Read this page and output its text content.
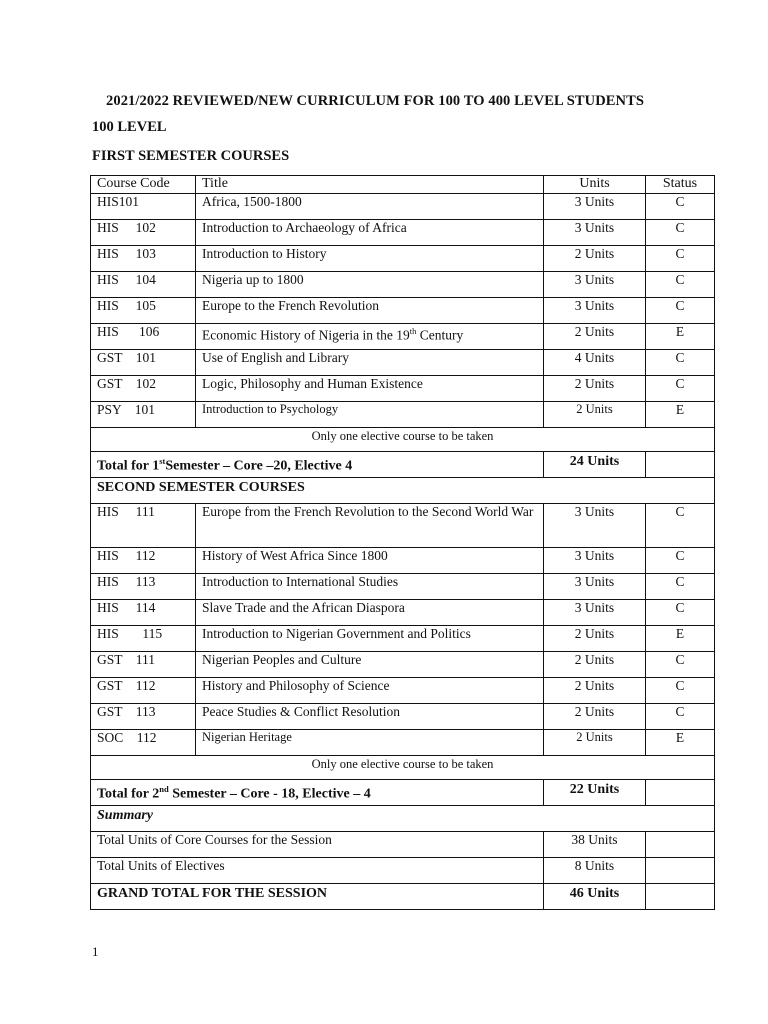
2021/2022 REVIEWED/NEW CURRICULUM FOR 100 TO 400 LEVEL STUDENTS
100 LEVEL
FIRST SEMESTER COURSES
Course Code	Title	Units	Status
HIS101	Africa, 1500-1800	3 Units	C
HIS     102	Introduction to Archaeology of Africa	3 Units	C
HIS     103	Introduction to History	2 Units	C
HIS     104	Nigeria up to 1800	3 Units	C
HIS     105	Europe to the French Revolution	3 Units	C
HIS      106	Economic History of Nigeria in the 19th Century	2 Units	E
GST    101	Use of English and Library	4 Units	C
GST    102	Logic, Philosophy and Human Existence	2 Units	C
PSY    101	Introduction to Psychology	2 Units	E
Only one elective course to be taken			
Total for 1stSemester – Core –20, Elective 4		24 Units	
SECOND SEMESTER COURSES			
HIS     111	Europe from the French Revolution to the Second World War	3 Units	C
HIS     112	History of West Africa Since 1800	3 Units	C
HIS     113	Introduction to International Studies	3 Units	C
HIS     114	Slave Trade and the African Diaspora	3 Units	C
HIS       115	Introduction to Nigerian Government and Politics	2 Units	E
GST    111	Nigerian Peoples and Culture	2 Units	C
GST    112	History and Philosophy of Science	2 Units	C
GST    113	Peace Studies & Conflict Resolution	2 Units	C
SOC    112	Nigerian Heritage	2 Units	E
Only one elective course to be taken			
Total for 2nd Semester – Core - 18, Elective – 4		22 Units	
Summary			
Total Units of Core Courses for the Session		38 Units	
Total Units of Electives		8 Units	
GRAND TOTAL FOR THE SESSION		46 Units	
1
